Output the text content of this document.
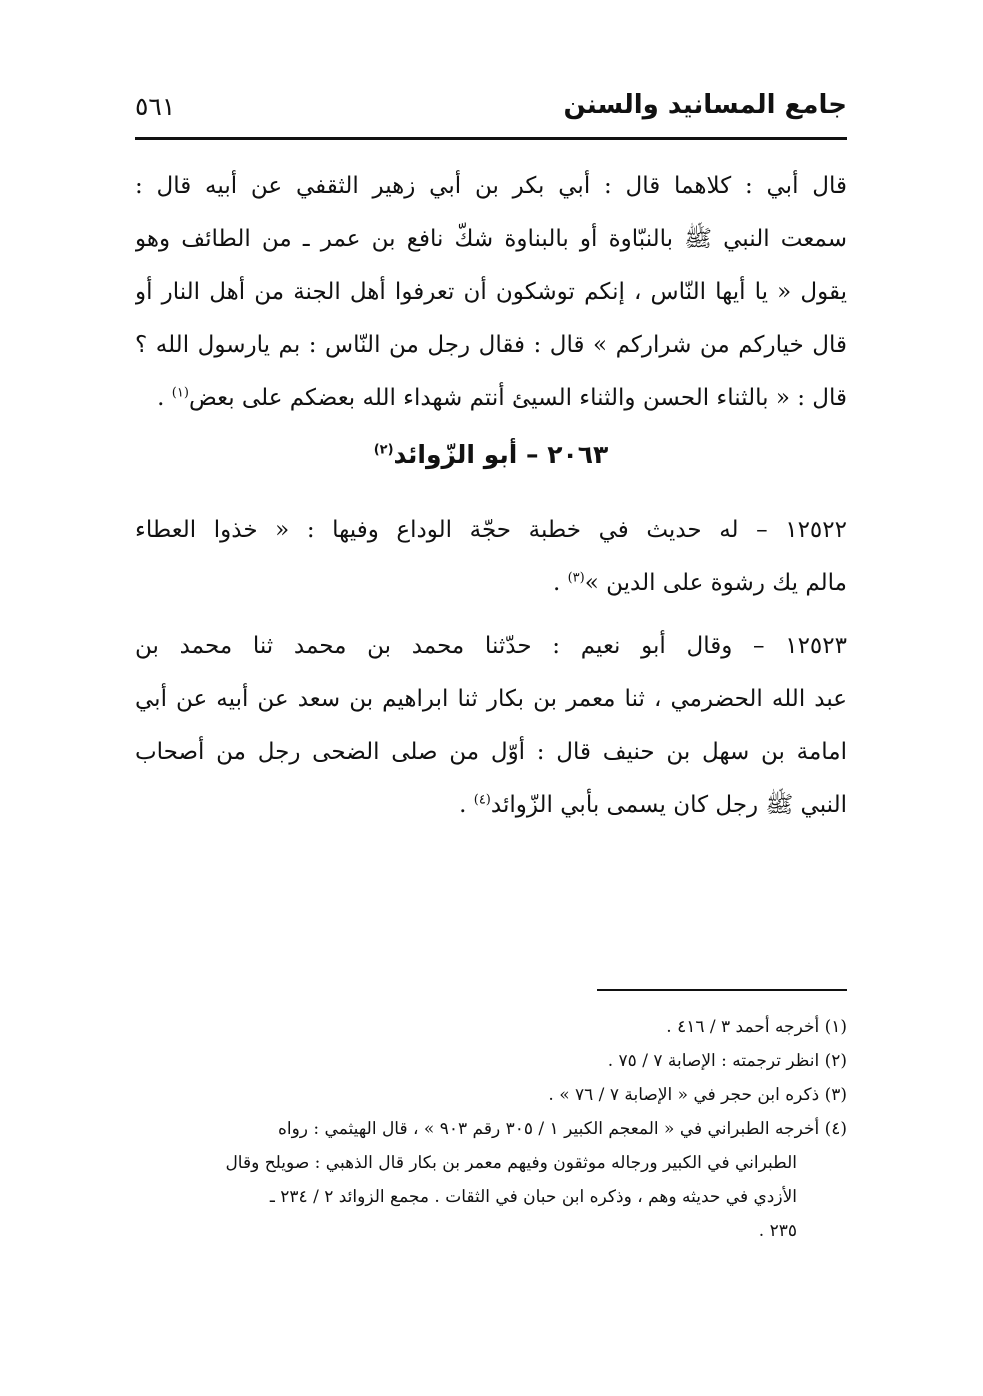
جامع المسانيد والسنن
٥٦١
قال أبي : كلاهما قال : أبي بكر بن أبي زهير الثقفي عن أبيه قال :
سمعت النبي ﷺ بالنبّاوة أو بالبناوة شكّ نافع بن عمر ـ من الطائف وهو
يقول « يا أيها النّاس ، إنكم توشكون أن تعرفوا أهل الجنة من أهل النار أو
قال خياركم من شراركم » قال : فقال رجل من النّاس : بم يارسول الله ؟
قال : « بالثناء الحسن والثناء السيئ أنتم شهداء الله بعضكم على بعض$^{(١)}$ .
٢٠٦٣ – أبو الزّوائد$^{(٢)}$
١٢٥٢٢ – له حديث في خطبة حجّة الوداع وفيها : « خذوا العطاء
مالم يك رشوة على الدين »$^{(٣)}$ .
١٢٥٢٣ – وقال أبو نعيم : حدّثنا محمد بن محمد ثنا محمد بن
عبد الله الحضرمي ، ثنا معمر بن بكار ثنا ابراهيم بن سعد عن أبيه عن أبي
امامة بن سهل بن حنيف قال : أوّل من صلى الضحى رجل من أصحاب
النبي ﷺ رجل كان يسمى بأبي الزّوائد$^{(٤)}$ .
(١) أخرجه أحمد ٣ / ٤١٦ .
(٢) انظر ترجمته : الإصابة ٧ / ٧٥ .
(٣) ذكره ابن حجر في « الإصابة ٧ / ٧٦ » .
(٤) أخرجه الطبراني في « المعجم الكبير ١ / ٣٠٥ رقم ٩٠٣ » ، قال الهيثمي : رواه
الطبراني في الكبير ورجاله موثقون وفيهم معمر بن بكار قال الذهبي : صويلح وقال
الأزدي في حديثه وهم ، وذكره ابن حبان في الثقات . مجمع الزوائد ٢ / ٢٣٤ ـ
٢٣٥ .
